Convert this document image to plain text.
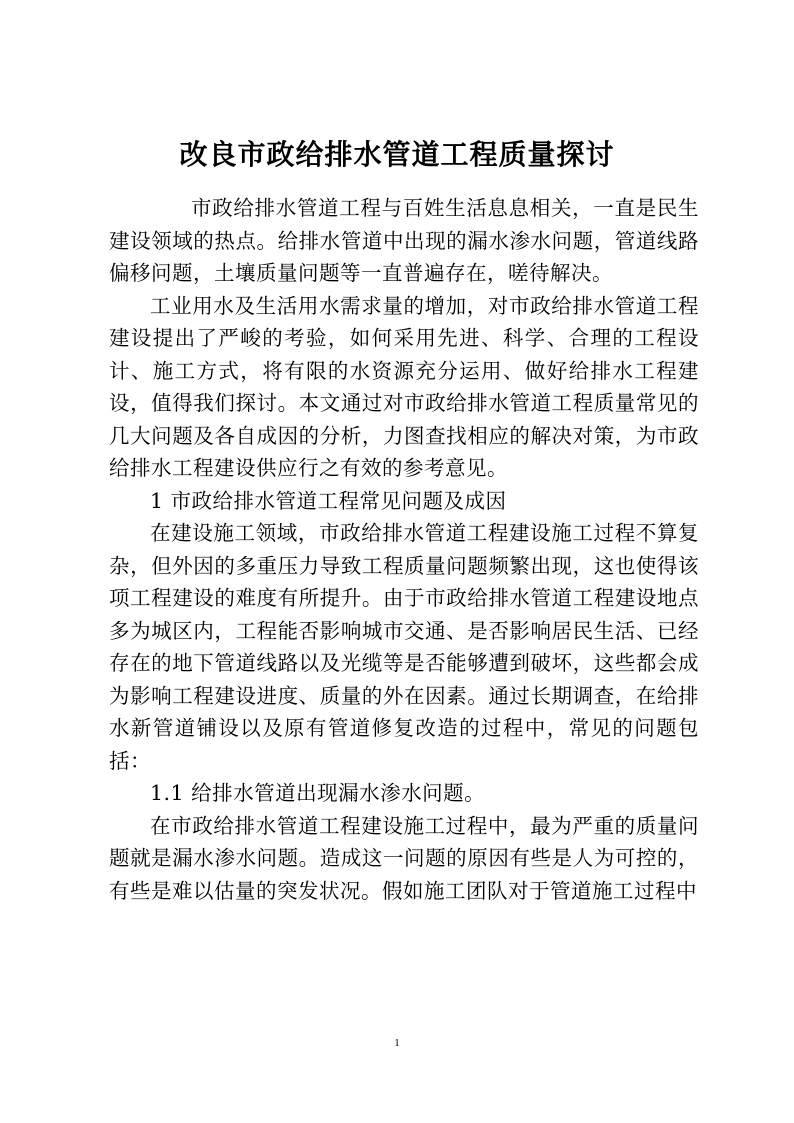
改良市政给排水管道工程质量探讨

市政给排水管道工程与百姓生活息息相关，一直是民生建设领域的热点。给排水管道中出现的漏水渗水问题，管道线路偏移问题，土壤质量问题等一直普遍存在，嗟待解决。

工业用水及生活用水需求量的增加，对市政给排水管道工程建设提出了严峻的考验，如何采用先进、科学、合理的工程设计、施工方式，将有限的水资源充分运用、做好给排水工程建设，值得我们探讨。本文通过对市政给排水管道工程质量常见的几大问题及各自成因的分析，力图查找相应的解决对策，为市政给排水工程建设供应行之有效的参考意见。

1 市政给排水管道工程常见问题及成因

在建设施工领域，市政给排水管道工程建设施工过程不算复杂，但外因的多重压力导致工程质量问题频繁出现，这也使得该项工程建设的难度有所提升。由于市政给排水管道工程建设地点多为城区内，工程能否影响城市交通、是否影响居民生活、已经存在的地下管道线路以及光缆等是否能够遭到破坏，这些都会成为影响工程建设进度、质量的外在因素。通过长期调查，在给排水新管道铺设以及原有管道修复改造的过程中，常见的问题包括：

1.1 给排水管道出现漏水渗水问题。

在市政给排水管道工程建设施工过程中，最为严重的质量问题就是漏水渗水问题。造成这一问题的原因有些是人为可控的，有些是难以估量的突发状况。假如施工团队对于管道施工过程中

1
